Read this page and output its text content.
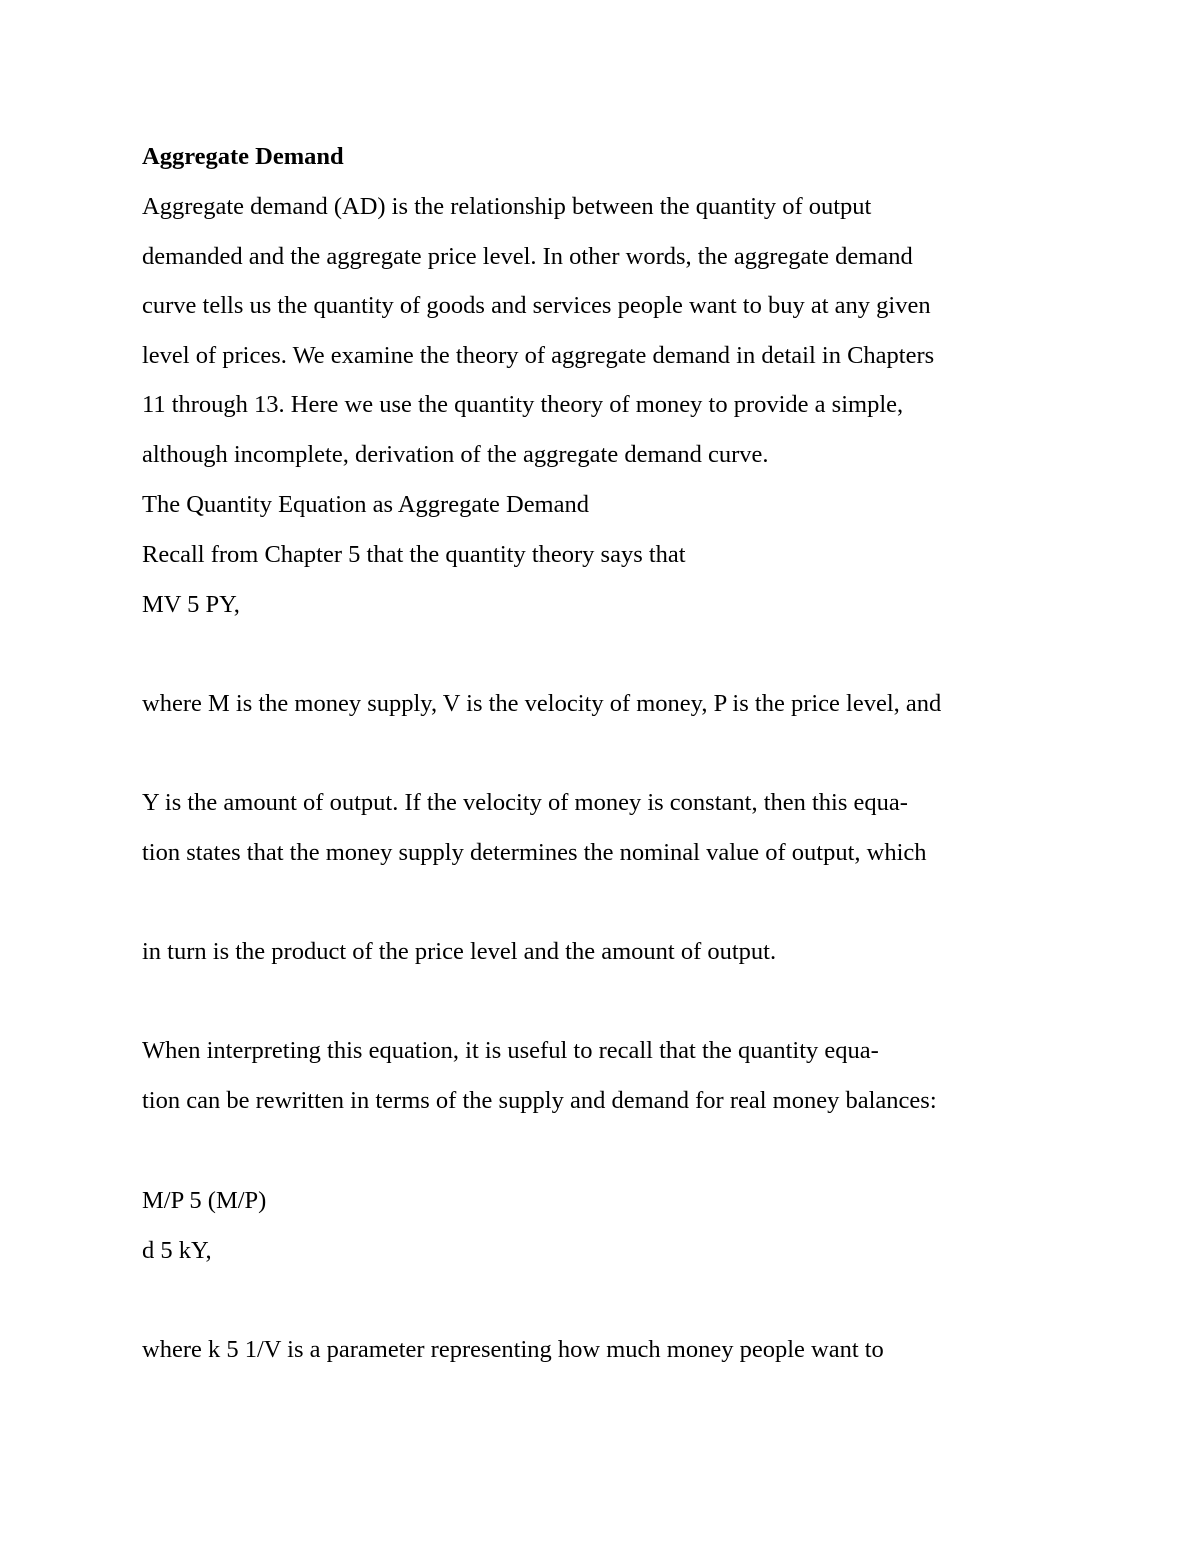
Aggregate Demand
Aggregate demand (AD) is the relationship between the quantity of output
demanded and the aggregate price level. In other words, the aggregate demand
curve tells us the quantity of goods and services people want to buy at any given
level of prices. We examine the theory of aggregate demand in detail in Chapters
11 through 13. Here we use the quantity theory of money to provide a simple,
although incomplete, derivation of the aggregate demand curve.
The Quantity Equation as Aggregate Demand
Recall from Chapter 5 that the quantity theory says that
MV 5 PY,
where M is the money supply, V is the velocity of money, P is the price level, and
Y is the amount of output. If the velocity of money is constant, then this equa-
tion states that the money supply determines the nominal value of output, which
in turn is the product of the price level and the amount of output.
When interpreting this equation, it is useful to recall that the quantity equa-
tion can be rewritten in terms of the supply and demand for real money balances:
M/P 5 (M/P)
d 5 kY,
where k 5 1/V is a parameter representing how much money people want to
